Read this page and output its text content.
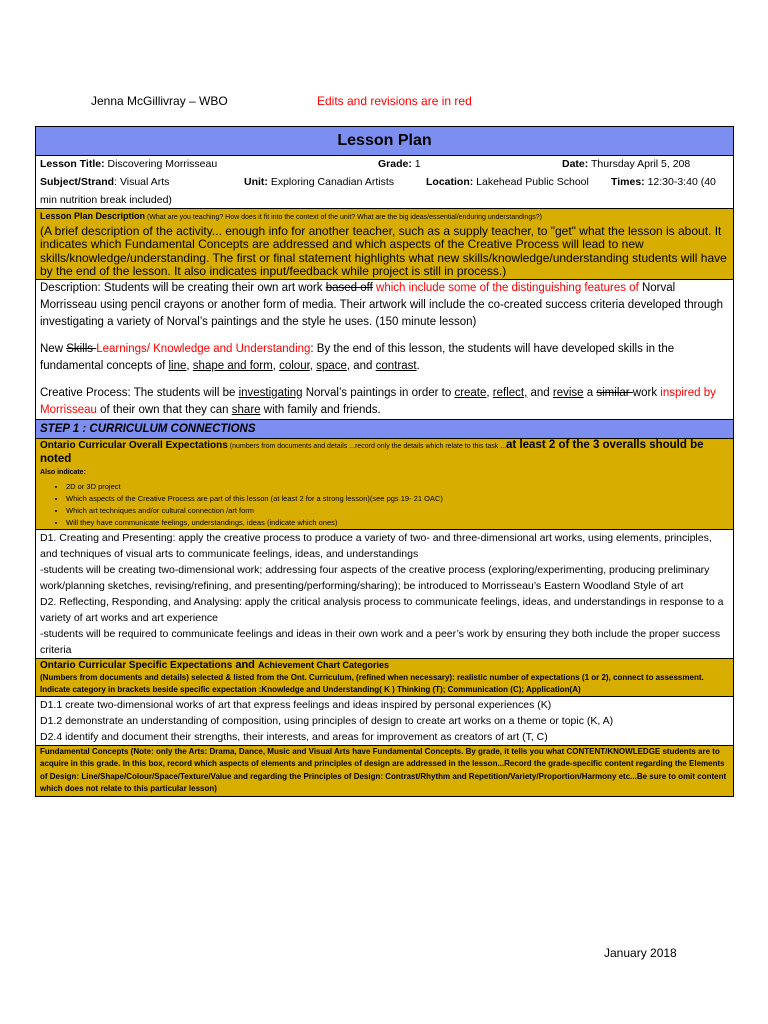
Jenna McGillivray – WBO	Edits and revisions are in red
Lesson Plan

Lesson Title: Discovering Morrisseau	Grade: 1	Date: Thursday April 5, 208
Subject/Strand: Visual Arts	Unit: Exploring Canadian Artists	Location: Lakehead Public School Times: 12:30-3:40 (40
min nutrition break included)

Lesson Plan Description (What are you teaching? How does it fit into the context of the unit? What are the big ideas/essential/enduring understandings?)
(A brief description of the activity... enough info for another teacher, such as a supply teacher, to "get" what the lesson is about. It indicates which Fundamental Concepts are addressed and which aspects of the Creative Process will lead to new skills/knowledge/understanding. The first or final statement highlights what new skills/knowledge/understanding students will have by the end of the lesson. It also indicates input/feedback while project is still in process.)

Description: Students will be creating their own art work based off which include some of the distinguishing features of Norval Morrisseau using pencil crayons or another form of media. Their artwork will include the co-created success criteria developed through investigating a variety of Norval’s paintings and the style he uses. (150 minute lesson)

New Skills Learnings/ Knowledge and Understanding: By the end of this lesson, the students will have developed skills in the fundamental concepts of line, shape and form, colour, space, and contrast.

Creative Process: The students will be investigating Norval’s paintings in order to create, reflect, and revise a similar work inspired by Morrisseau of their own that they can share with family and friends.

STEP 1 : CURRICULUM CONNECTIONS
Ontario Curricular Overall Expectations (numbers from documents and details ...record only the details which relate to this task ...at least 2 of the 3 overalls should be noted
Also indicate:
• 2D or 3D project
• Which aspects of the Creative Process are part of this lesson (at least 2 for a strong lesson)(see pgs 19- 21 OAC)
• Which art techniques and/or cultural connection /art form
• Will they have communicate feelings, understandings, ideas (indicate which ones)

D1. Creating and Presenting: apply the creative process to produce a variety of two- and three-dimensional art works, using elements, principles, and techniques of visual arts to communicate feelings, ideas, and understandings
-students will be creating two-dimensional work; addressing four aspects of the creative process (exploring/experimenting, producing preliminary work/planning sketches, revising/refining, and presenting/performing/sharing); be introduced to Morrisseau’s Eastern Woodland Style of art
D2. Reflecting, Responding, and Analysing: apply the critical analysis process to communicate feelings, ideas, and understandings in response to a variety of art works and art experience
-students will be required to communicate feelings and ideas in their own work and a peer’s work by ensuring they both include the proper success criteria

Ontario Curricular Specific Expectations and Achievement Chart Categories
(Numbers from documents and details) selected & listed from the Ont. Curriculum, (refined when necessary): realistic number of expectations (1 or 2), connect to assessment. Indicate category in brackets beside specific expectation :Knowledge and Understanding( K ) Thinking (T); Communication (C); Application(A)

D1.1 create two-dimensional works of art that express feelings and ideas inspired by personal experiences (K)
D1.2 demonstrate an understanding of composition, using principles of design to create art works on a theme or topic (K, A)
D2.4 identify and document their strengths, their interests, and areas for improvement as creators of art (T, C)

Fundamental Concepts (Note: only the Arts: Drama, Dance, Music and Visual Arts have Fundamental Concepts. By grade, it tells you what CONTENT/KNOWLEDGE students are to acquire in this grade. In this box, record which aspects of elements and principles of design are addressed in the lesson...Record the grade-specific content regarding the Elements of Design: Line/Shape/Colour/Space/Texture/Value and regarding the Principles of Design: Contrast/Rhythm and Repetition/Variety/Proportion/Harmony etc...Be sure to omit content which does not relate to this particular lesson)
January 2018
